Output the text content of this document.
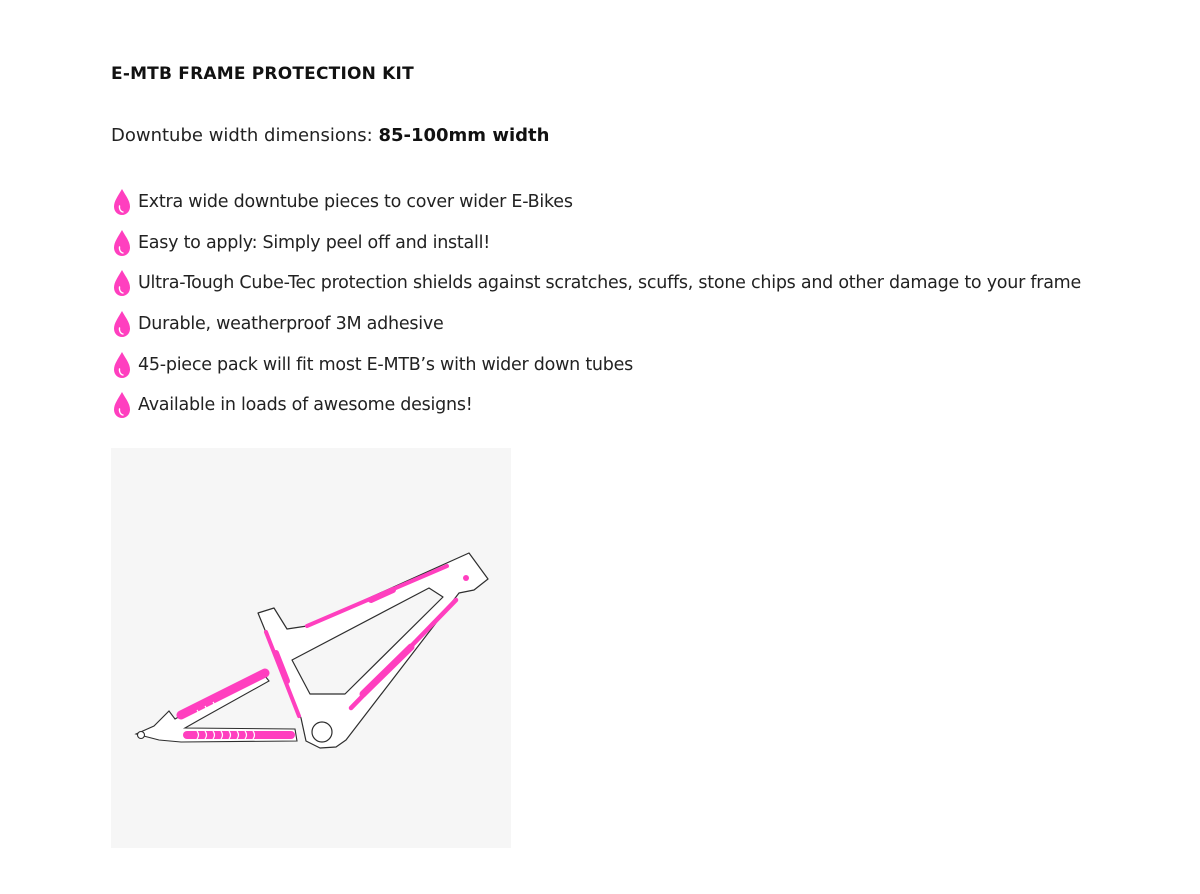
E-MTB FRAME PROTECTION KIT
Downtube width dimensions: 85-100mm width
Extra wide downtube pieces to cover wider E-Bikes
Easy to apply: Simply peel off and install!
Ultra-Tough Cube-Tec protection shields against scratches, scuffs, stone chips and other damage to your frame
Durable, weatherproof 3M adhesive
45-piece pack will fit most E-MTB’s with wider down tubes
Available in loads of awesome designs!
